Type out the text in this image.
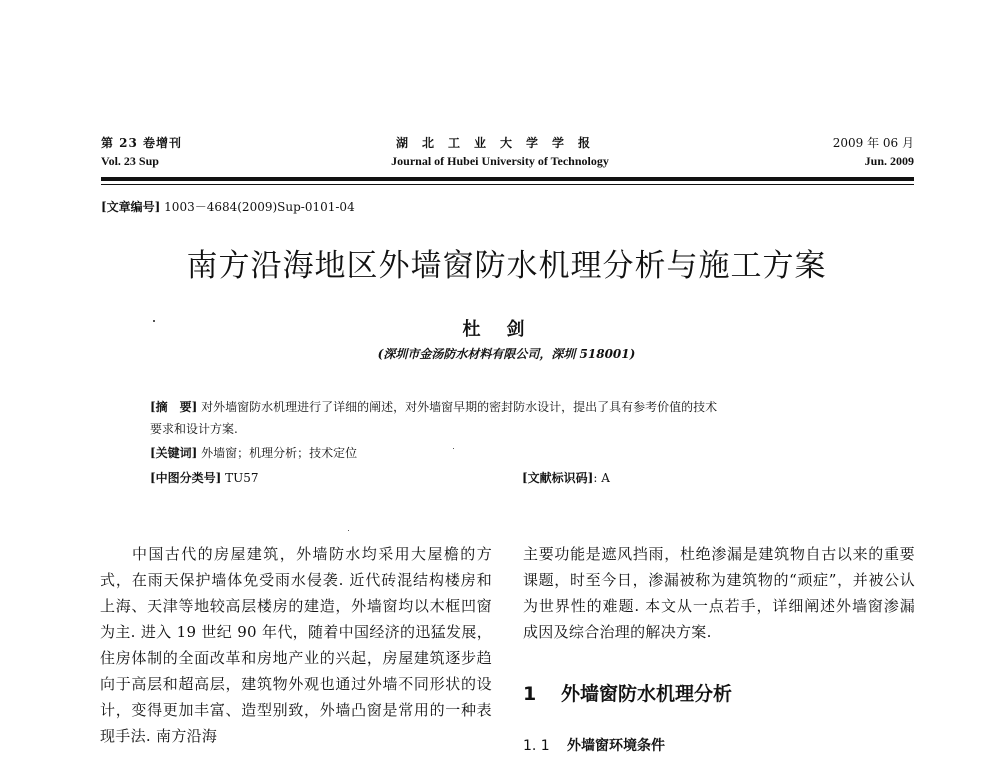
第 23 卷增刊
Vol. 23 Sup
湖北工业大学学报
Journal of Hubei University of Technology
2009 年 06 月
Jun. 2009
[文章编号] 1003－4684(2009)Sup-0101-04
南方沿海地区外墙窗防水机理分析与施工方案
杜剑
(深圳市金汤防水材料有限公司，深圳 518001)
[摘　要] 对外墙窗防水机理进行了详细的阐述，对外墙窗早期的密封防水设计，提出了具有参考价值的技术
要求和设计方案.
[关键词] 外墙窗；机理分析；技术定位
[中图分类号] TU57	[文献标识码]: A

中国古代的房屋建筑，外墙防水均采用大屋檐的方式，在雨天保护墙体免受雨水侵袭. 近代砖混结构楼房和上海、天津等地较高层楼房的建造，外墙窗均以木框凹窗为主. 进入 19 世纪 90 年代，随着中国经济的迅猛发展，住房体制的全面改革和房地产业的兴起，房屋建筑逐步趋向于高层和超高层，建筑物外观也通过外墙不同形状的设计，变得更加丰富、造型别致，外墙凸窗是常用的一种表现手法. 南方沿海

主要功能是遮风挡雨，杜绝渗漏是建筑物自古以来的重要课题，时至今日，渗漏被称为建筑物的“顽症”，并被公认为世界性的难题. 本文从一点若手，详细阐述外墙窗渗漏成因及综合治理的解决方案.

1 外墙窗防水机理分析
1. 1 外墙窗环境条件
